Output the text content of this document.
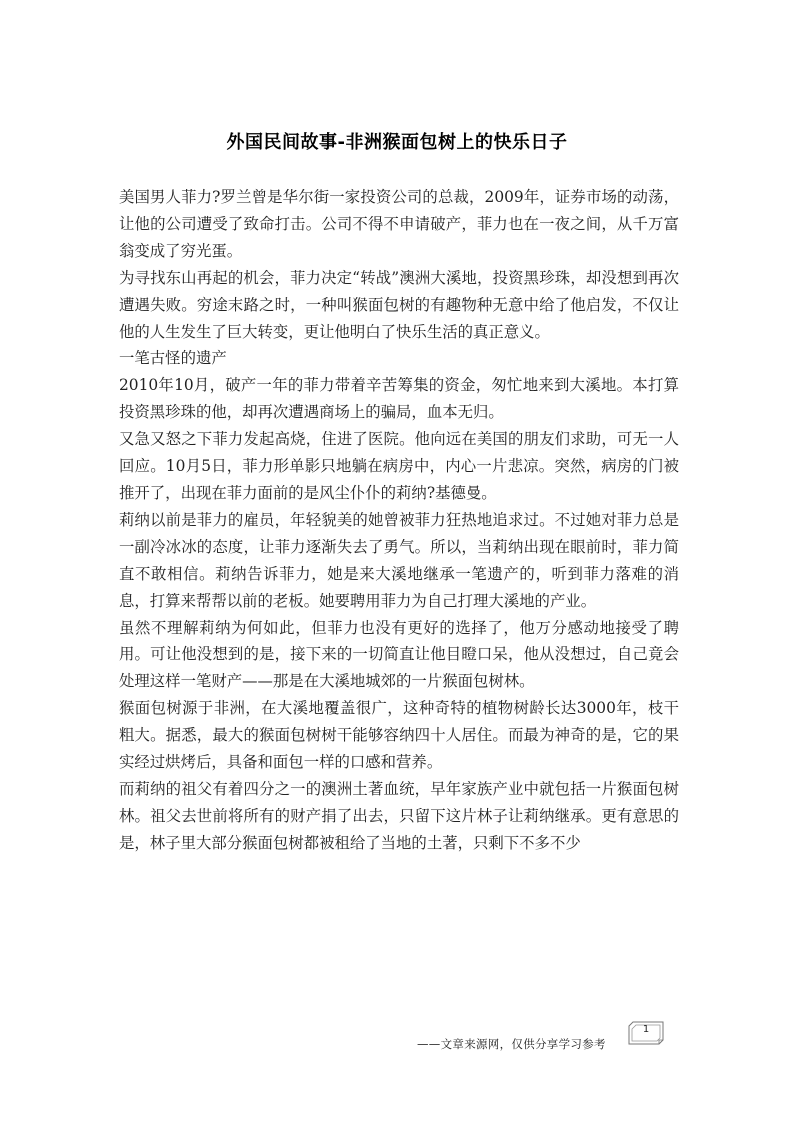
外国民间故事-非洲猴面包树上的快乐日子

美国男人菲力?罗兰曾是华尔街一家投资公司的总裁，2009年，证券市场的动荡，让他的公司遭受了致命打击。公司不得不申请破产，菲力也在一夜之间，从千万富翁变成了穷光蛋。

为寻找东山再起的机会，菲力决定“转战”澳洲大溪地，投资黑珍珠，却没想到再次遭遇失败。穷途末路之时，一种叫猴面包树的有趣物种无意中给了他启发，不仅让他的人生发生了巨大转变，更让他明白了快乐生活的真正意义。

一笔古怪的遗产

2010年10月，破产一年的菲力带着辛苦筹集的资金，匆忙地来到大溪地。本打算投资黑珍珠的他，却再次遭遇商场上的骗局，血本无归。

又急又怒之下菲力发起高烧，住进了医院。他向远在美国的朋友们求助，可无一人回应。10月5日，菲力形单影只地躺在病房中，内心一片悲凉。突然，病房的门被推开了，出现在菲力面前的是风尘仆仆的莉纳?基德曼。

莉纳以前是菲力的雇员，年轻貌美的她曾被菲力狂热地追求过。不过她对菲力总是一副冷冰冰的态度，让菲力逐渐失去了勇气。所以，当莉纳出现在眼前时，菲力简直不敢相信。莉纳告诉菲力，她是来大溪地继承一笔遗产的，听到菲力落难的消息，打算来帮帮以前的老板。她要聘用菲力为自己打理大溪地的产业。

虽然不理解莉纳为何如此，但菲力也没有更好的选择了，他万分感动地接受了聘用。可让他没想到的是，接下来的一切简直让他目瞪口呆，他从没想过，自己竟会处理这样一笔财产——那是在大溪地城郊的一片猴面包树林。

猴面包树源于非洲，在大溪地覆盖很广，这种奇特的植物树龄长达3000年，枝干粗大。据悉，最大的猴面包树树干能够容纳四十人居住。而最为神奇的是，它的果实经过烘烤后，具备和面包一样的口感和营养。

而莉纳的祖父有着四分之一的澳洲土著血统，早年家族产业中就包括一片猴面包树林。祖父去世前将所有的财产捐了出去，只留下这片林子让莉纳继承。更有意思的是，林子里大部分猴面包树都被租给了当地的土著，只剩下不多不少

——文章来源网，仅供分享学习参考
1
